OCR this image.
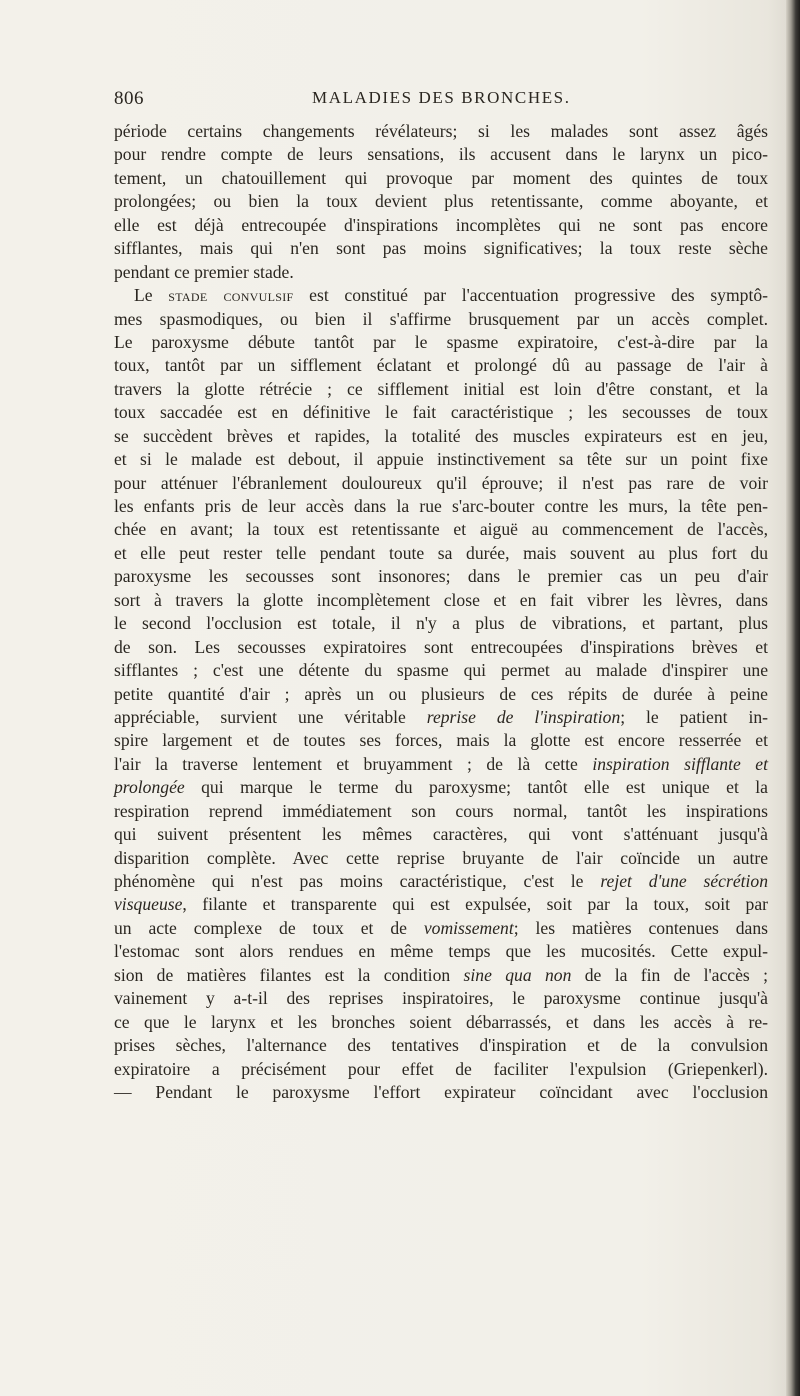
806	MALADIES DES BRONCHES.
période certains changements révélateurs; si les malades sont assez âgés
pour rendre compte de leurs sensations, ils accusent dans le larynx un pico-
tement, un chatouillement qui provoque par moment des quintes de toux
prolongées; ou bien la toux devient plus retentissante, comme aboyante, et
elle est déjà entrecoupée d'inspirations incomplètes qui ne sont pas encore
sifflantes, mais qui n'en sont pas moins significatives; la toux reste sèche
pendant ce premier stade.
Le stade convulsif est constitué par l'accentuation progressive des symptô-
mes spasmodiques, ou bien il s'affirme brusquement par un accès complet.
Le paroxysme débute tantôt par le spasme expiratoire, c'est-à-dire par la
toux, tantôt par un sifflement éclatant et prolongé dû au passage de l'air à
travers la glotte rétrécie ; ce sifflement initial est loin d'être constant, et la
toux saccadée est en définitive le fait caractéristique ; les secousses de toux
se succèdent brèves et rapides, la totalité des muscles expirateurs est en jeu,
et si le malade est debout, il appuie instinctivement sa tête sur un point fixe
pour atténuer l'ébranlement douloureux qu'il éprouve; il n'est pas rare de voir
les enfants pris de leur accès dans la rue s'arc-bouter contre les murs, la tête pen-
chée en avant; la toux est retentissante et aiguë au commencement de l'accès,
et elle peut rester telle pendant toute sa durée, mais souvent au plus fort du
paroxysme les secousses sont insonores; dans le premier cas un peu d'air
sort à travers la glotte incomplètement close et en fait vibrer les lèvres, dans
le second l'occlusion est totale, il n'y a plus de vibrations, et partant, plus
de son. Les secousses expiratoires sont entrecoupées d'inspirations brèves et
sifflantes ; c'est une détente du spasme qui permet au malade d'inspirer une
petite quantité d'air ; après un ou plusieurs de ces répits de durée à peine
appréciable, survient une véritable reprise de l'inspiration; le patient in-
spire largement et de toutes ses forces, mais la glotte est encore resserrée et
l'air la traverse lentement et bruyamment ; de là cette inspiration sifflante et
prolongée qui marque le terme du paroxysme; tantôt elle est unique et la
respiration reprend immédiatement son cours normal, tantôt les inspirations
qui suivent présentent les mêmes caractères, qui vont s'atténuant jusqu'à
disparition complète. Avec cette reprise bruyante de l'air coïncide un autre
phénomène qui n'est pas moins caractéristique, c'est le rejet d'une sécrétion
visqueuse, filante et transparente qui est expulsée, soit par la toux, soit par
un acte complexe de toux et de vomissement; les matières contenues dans
l'estomac sont alors rendues en même temps que les mucosités. Cette expul-
sion de matières filantes est la condition sine qua non de la fin de l'accès ;
vainement y a-t-il des reprises inspiratoires, le paroxysme continue jusqu'à
ce que le larynx et les bronches soient débarrassés, et dans les accès à re-
prises sèches, l'alternance des tentatives d'inspiration et de la convulsion
expiratoire a précisément pour effet de faciliter l'expulsion (Griepenkerl).
— Pendant le paroxysme l'effort expirateur coïncidant avec l'occlusion
